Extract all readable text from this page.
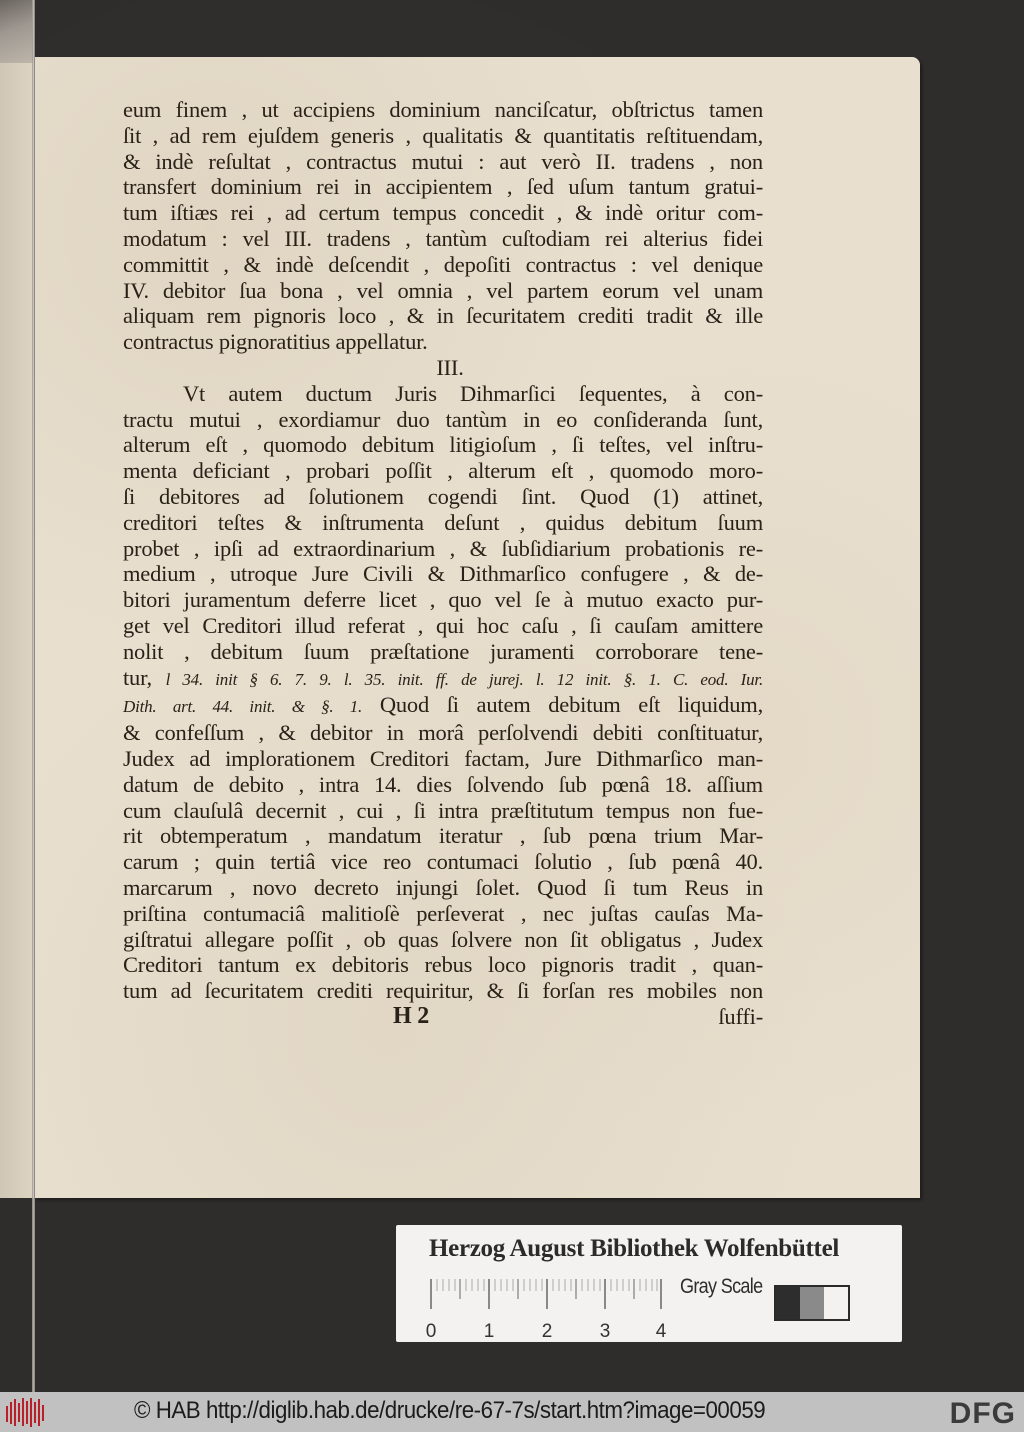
eum finem , ut accipiens dominium nanciſcatur, obſtrictus tamen
ſit , ad rem ejuſdem generis , qualitatis & quantitatis reſtituendam,
& indè reſultat , contractus mutui : aut verò II. tradens , non
transfert dominium rei in accipientem , ſed uſum tantum gratui-
tum iſtiæs rei , ad certum tempus concedit , & indè oritur com-
modatum : vel III. tradens , tantùm cuſtodiam rei alterius fidei
committit , & indè deſcendit , depoſiti contractus : vel denique
IV. debitor ſua bona , vel omnia , vel partem eorum vel unam
aliquam rem pignoris loco , & in ſecuritatem crediti tradit & ille
contractus pignoratitius appellatur.
III.
Vt autem ductum Juris Dihmarſici ſequentes, à con-
tractu mutui , exordiamur duo tantùm in eo conſideranda ſunt,
alterum eſt , quomodo debitum litigioſum , ſi teſtes, vel inſtru-
menta deficiant , probari poſſit , alterum eſt , quomodo moro-
ſi debitores ad ſolutionem cogendi ſint. Quod (1) attinet,
creditori teſtes & inſtrumenta deſunt , quidus debitum ſuum
probet , ipſi ad extraordinarium , & ſubſidiarium probationis re-
medium , utroque Jure Civili & Dithmarſico confugere , & de-
bitori juramentum deferre licet , quo vel ſe à mutuo exacto pur-
get vel Creditori illud referat , qui hoc caſu , ſi cauſam amittere
nolit , debitum ſuum præſtatione juramenti corroborare tene-
tur, l 34. init § 6. 7. 9. l. 35. init. ff. de jurej. l. 12 init. §. 1. C. eod. Iur.
Dith. art. 44. init. & §. 1. Quod ſi autem debitum eſt liquidum,
& confeſſum , & debitor in morâ perſolvendi debiti conſtituatur,
Judex ad implorationem Creditori factam, Jure Dithmarſico man-
datum de debito , intra 14. dies ſolvendo ſub pœnâ 18. aſſium
cum clauſulâ decernit , cui , ſi intra præſtitutum tempus non fue-
rit obtemperatum , mandatum iteratur , ſub pœna trium Mar-
carum ; quin tertiâ vice reo contumaci ſolutio , ſub pœnâ 40.
marcarum , novo decreto injungi ſolet. Quod ſi tum Reus in
priſtina contumaciâ malitioſè perſeverat , nec juſtas cauſas Ma-
giſtratui allegare poſſit , ob quas ſolvere non ſit obligatus , Judex
Creditori tantum ex debitoris rebus loco pignoris tradit , quan-
tum ad ſecuritatem crediti requiritur, & ſi forſan res mobiles non
H 2	ſuffi-
Herzog August Bibliothek Wolfenbüttel
0 1 2 3 4
Gray Scale
© HAB http://diglib.hab.de/drucke/re-67-7s/start.htm?image=00059	DFG
